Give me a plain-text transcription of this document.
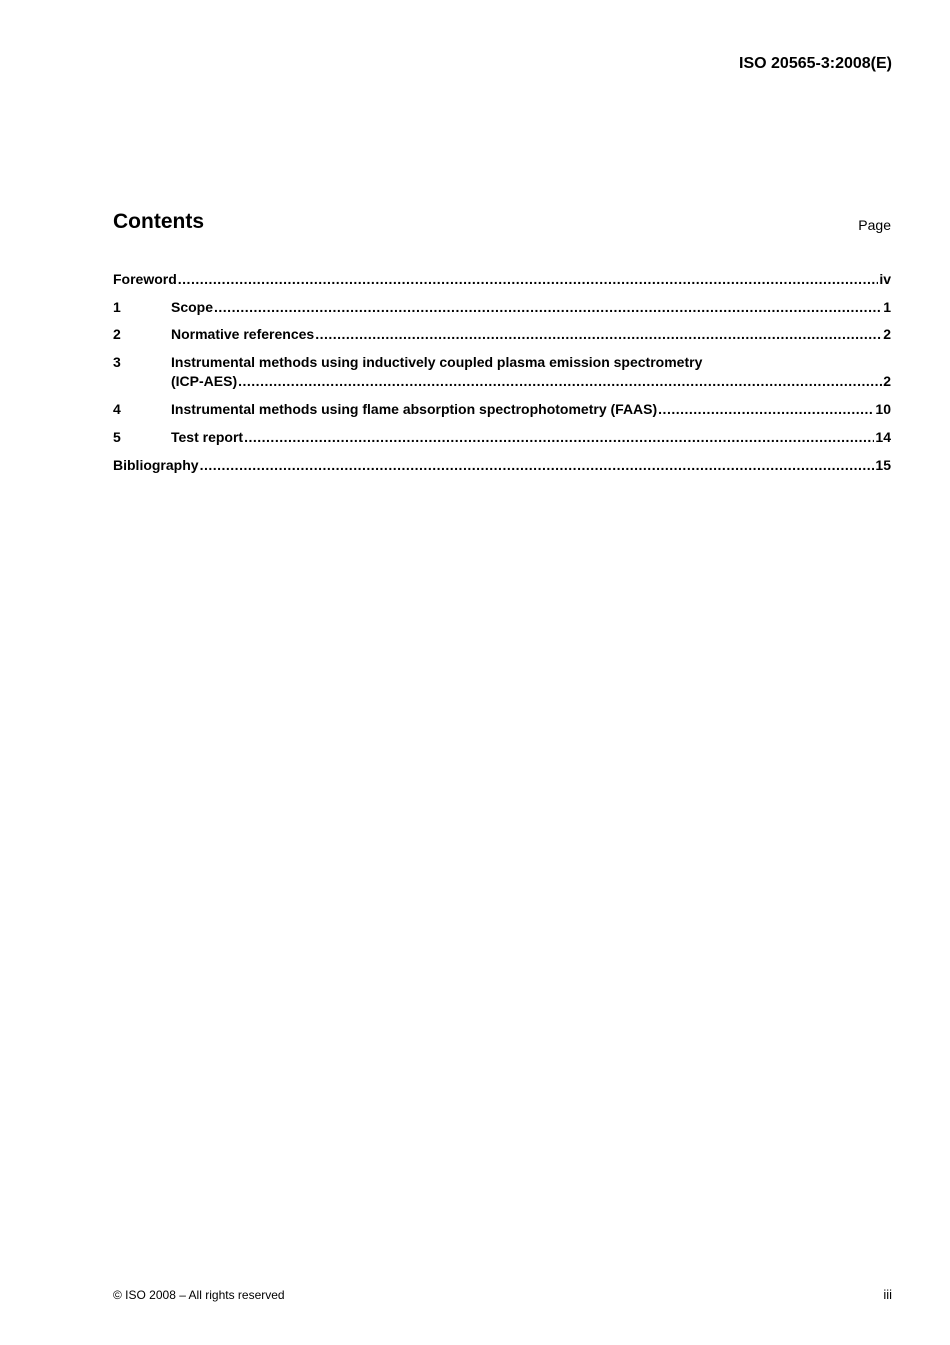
ISO 20565-3:2008(E)
Contents	Page
Foreword .....	iv
1	Scope .....	1
2	Normative references .....	2
3	Instrumental methods using inductively coupled plasma emission spectrometry
(ICP-AES) .....	2
4	Instrumental methods using flame absorption spectrophotometry (FAAS) .....	10
5	Test report .....	14
Bibliography .....	15
© ISO 2008 – All rights reserved	iii
